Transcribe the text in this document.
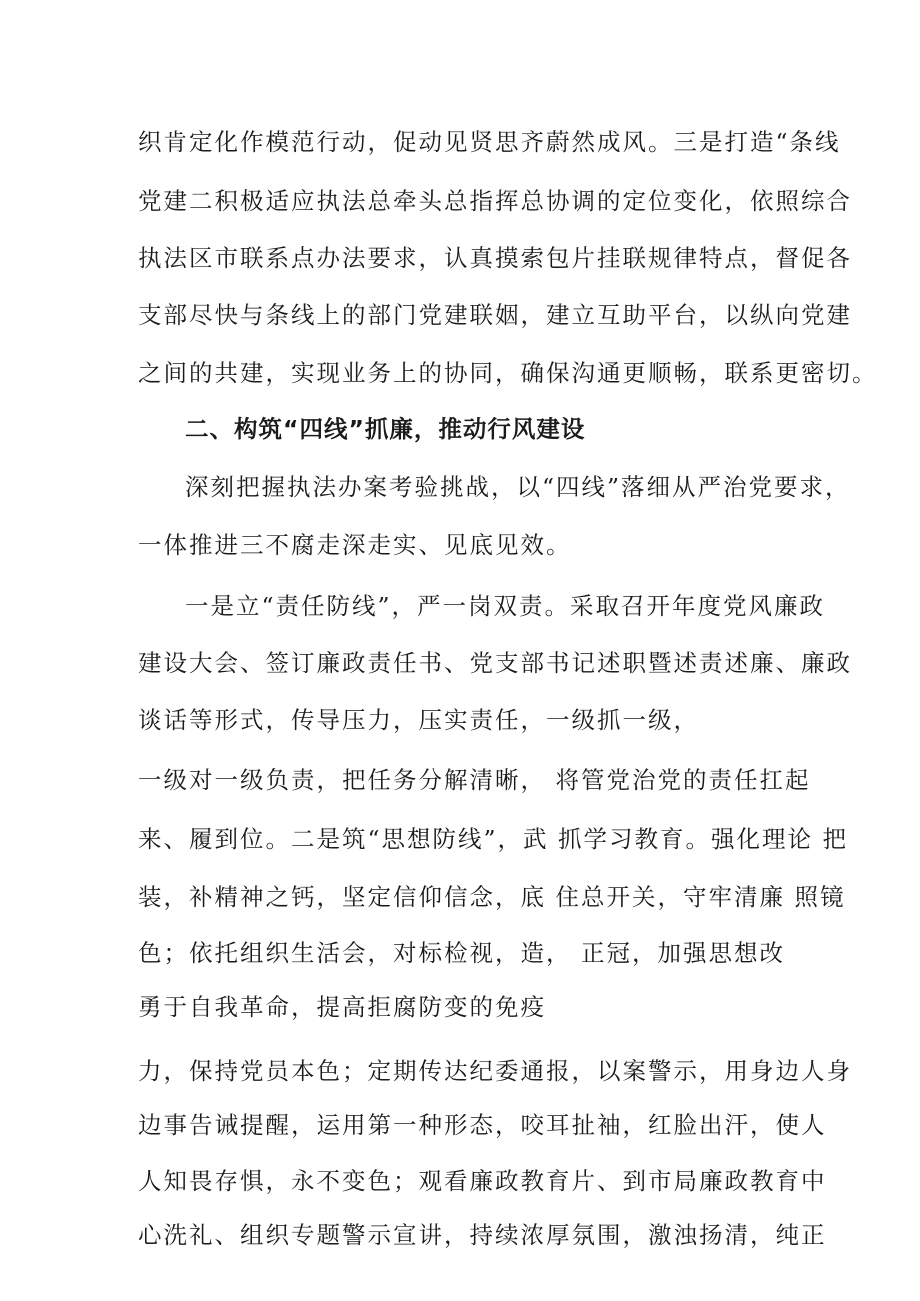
织肯定化作模范行动，促动见贤思齐蔚然成风。三是打造“条线
党建二积极适应执法总牵头总指挥总协调的定位变化，依照综合
执法区市联系点办法要求，认真摸索包片挂联规律特点，督促各
支部尽快与条线上的部门党建联姻，建立互助平台，以纵向党建
之间的共建，实现业务上的协同，确保沟通更顺畅，联系更密切。
二、构筑“四线”抓廉，推动行风建设
深刻把握执法办案考验挑战，以“四线”落细从严治党要求，
一体推进三不腐走深走实、见底见效。
一是立“责任防线”，严一岗双责。采取召开年度党风廉政
建设大会、签订廉政责任书、党支部书记述职暨述责述廉、廉政
谈话等形式，传导压力，压实责任，一级抓一级，
一级对一级负责，把任务分解清晰， 将管党治党的责任扛起
来、履到位。二是筑“思想防线”，武 抓学习教育。强化理论 把
装，补精神之钙，坚定信仰信念，底 住总开关，守牢清廉 照镜
色；依托组织生活会，对标检视，造， 正冠，加强思想改
勇于自我革命，提高拒腐防变的免疫
力，保持党员本色；定期传达纪委通报，以案警示，用身边人身
边事告诫提醒，运用第一种形态，咬耳扯袖，红脸出汗，使人
人知畏存惧，永不变色；观看廉政教育片、到市局廉政教育中
心洗礼、组织专题警示宣讲，持续浓厚氛围，激浊扬清，纯正
